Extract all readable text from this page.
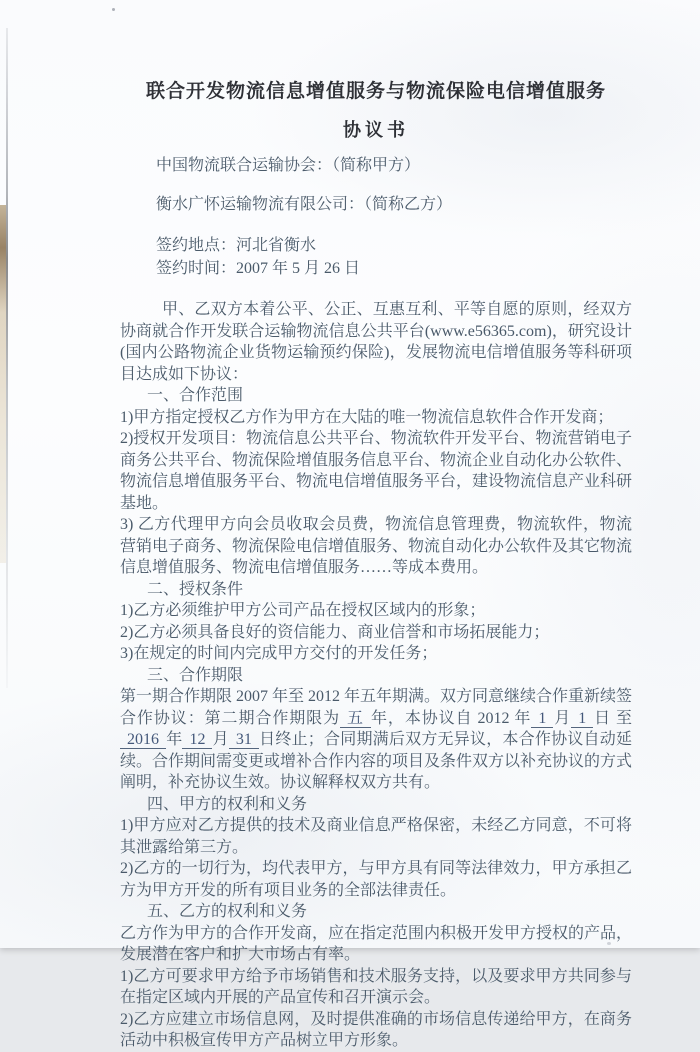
联合开发物流信息增值服务与物流保险电信增值服务
协议书
中国物流联合运输协会：（简称甲方）
衡水广怀运输物流有限公司：（简称乙方）
签约地点：河北省衡水
签约时间：2007 年 5 月 26 日

甲、乙双方本着公平、公正、互惠互利、平等自愿的原则，经双方协商就合作开发联合运输物流信息公共平台(www.e56365.com)，研究设计(国内公路物流企业货物运输预约保险)，发展物流电信增值服务等科研项目达成如下协议：

一、合作范围

1)甲方指定授权乙方作为甲方在大陆的唯一物流信息软件合作开发商；

2)授权开发项目：物流信息公共平台、物流软件开发平台、物流营销电子商务公共平台、物流保险增值服务信息平台、物流企业自动化办公软件、物流信息增值服务平台、物流电信增值服务平台，建设物流信息产业科研基地。

3) 乙方代理甲方向会员收取会员费，物流信息管理费，物流软件，物流营销电子商务、物流保险电信增值服务、物流自动化办公软件及其它物流信息增值服务、物流电信增值服务……等成本费用。

二、授权条件

1)乙方必须维护甲方公司产品在授权区域内的形象；

2)乙方必须具备良好的资信能力、商业信誉和市场拓展能力；

3)在规定的时间内完成甲方交付的开发任务；

三、合作期限

第一期合作期限 2007 年至 2012 年五年期满。双方同意继续合作重新续签合作协议：第二期合作期限为 五 年，本协议自 2012 年 1 月 1 日 至 2016 年 12 月 31 日终止；合同期满后双方无异议，本合作协议自动延续。合作期间需变更或增补合作内容的项目及条件双方以补充协议的方式阐明，补充协议生效。协议解释权双方共有。

四、甲方的权利和义务

1)甲方应对乙方提供的技术及商业信息严格保密，未经乙方同意，不可将其泄露给第三方。

2)乙方的一切行为，均代表甲方，与甲方具有同等法律效力，甲方承担乙方为甲方开发的所有项目业务的全部法律责任。

五、乙方的权利和义务

乙方作为甲方的合作开发商，应在指定范围内积极开发甲方授权的产品，发展潜在客户和扩大市场占有率。

1)乙方可要求甲方给予市场销售和技术服务支持，以及要求甲方共同参与在指定区域内开展的产品宣传和召开演示会。

2)乙方应建立市场信息网，及时提供准确的市场信息传递给甲方，在商务活动中积极宣传甲方产品树立甲方形象。
